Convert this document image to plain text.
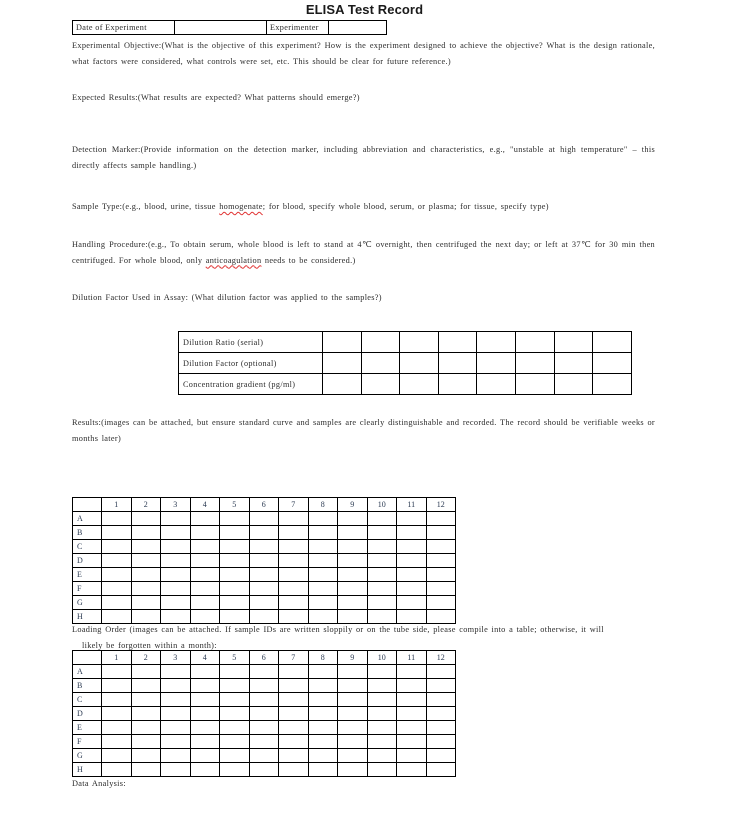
ELISA Test Record
Date of Experiment		Experimenter	
Experimental Objective:(What is the objective of this experiment? How is the experiment designed to achieve the objective? What is the design rationale, what factors were considered, what controls were set, etc. This should be clear for future reference.)
Expected Results:(What results are expected? What patterns should emerge?)
Detection Marker:(Provide information on the detection marker, including abbreviation and characteristics, e.g., "unstable at high temperature" – this directly affects sample handling.)
Sample Type:(e.g., blood, urine, tissue homogenate; for blood, specify whole blood, serum, or plasma; for tissue, specify type)
Handling Procedure:(e.g., To obtain serum, whole blood is left to stand at 4℃ overnight, then centrifuged the next day; or left at 37℃ for 30 min then centrifuged. For whole blood, only anticoagulation needs to be considered.)
Dilution Factor Used in Assay: (What dilution factor was applied to the samples?)
Dilution Ratio (serial)								
Dilution Factor (optional)								
Concentration gradient (pg/ml)								
Results:(images can be attached, but ensure standard curve and samples are clearly distinguishable and recorded. The record should be verifiable weeks or months later)
	1	2	3	4	5	6	7	8	9	10	11	12
A												
B												
C												
D												
E												
F												
G												
H												
Loading Order (images can be attached. If sample IDs are written sloppily or on the tube side, please compile into a table; otherwise, it will
likely be forgotten within a month):
	1	2	3	4	5	6	7	8	9	10	11	12
A												
B												
C												
D												
E												
F												
G												
H												
Data Analysis:
